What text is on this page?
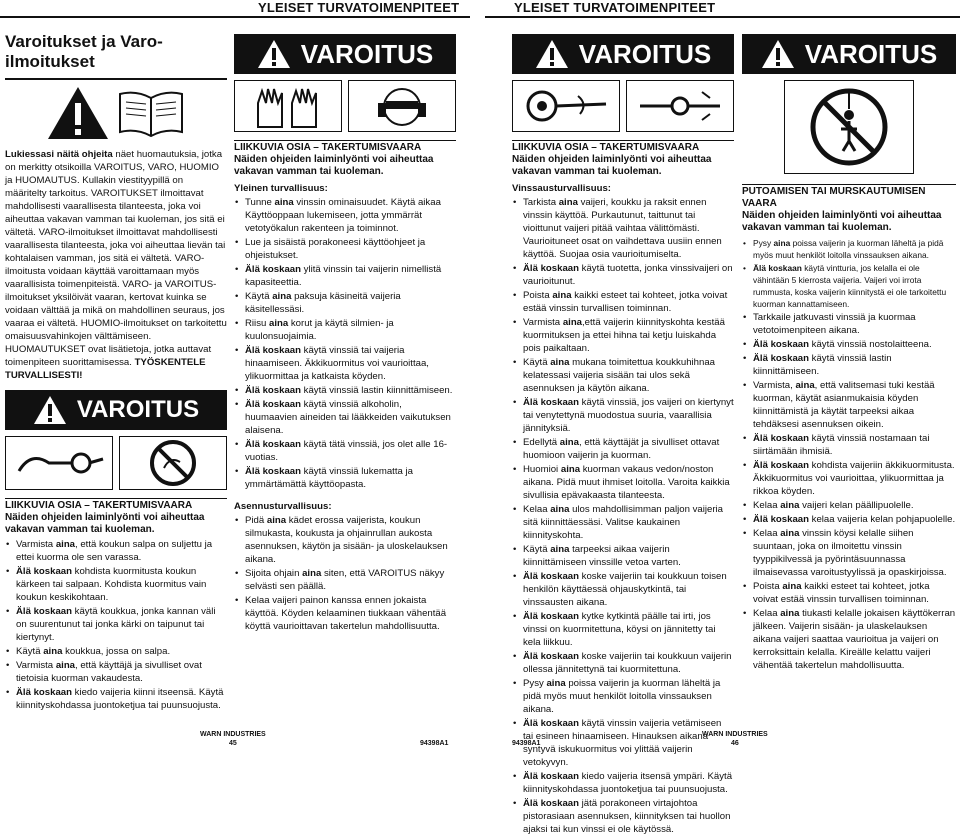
YLEISET TURVATOIMENPITEET	YLEISET TURVATOIMENPITEET
Varoitukset ja Varo-ilmoitukset
Lukiessasi näitä ohjeita näet huomautuksia, jotka on merkitty otsikoilla VAROITUS, VARO, HUOMIO ja HUOMAUTUS. Kullakin viestityypillä on määritelty tarkoitus. VAROITUKSET ilmoittavat mahdollisesti vaarallisesta tilanteesta, joka voi aiheuttaa vakavan vamman tai kuoleman, jos sitä ei vältetä. VARO-ilmoitukset ilmoittavat mahdollisesti vaarallisesta tilanteesta, joka voi aiheuttaa lievän tai kohtalaisen vamman, jos sitä ei vältetä. VARO-ilmoitusta voidaan käyttää varoittamaan myös vaarallisista toimenpiteistä. VARO- ja VAROITUS-ilmoitukset yksilöivät vaaran, kertovat kuinka se voidaan välttää ja mikä on mahdollinen seuraus, jos vaaraa ei vältetä. HUOMIO-ilmoitukset on tarkoitettu omaisuusvahinkojen välttämiseen. HUOMAUTUKSET ovat lisätietoja, jotka auttavat toimenpiteen suorittamisessa. TYÖSKENTELE TURVALLISESTI!
VAROITUS
LIIKKUVIA OSIA – TAKERTUMISVAARA
Näiden ohjeiden laiminlyönti voi aiheuttaa vakavan vamman tai kuoleman.
• Varmista aina, että koukun salpa on suljettu ja ettei kuorma ole sen varassa.
• Älä koskaan kohdista kuormitusta koukun kärkeen tai salpaan. Kohdista kuormitus vain koukun keskikohtaan.
• Älä koskaan käytä koukkua, jonka kannan väli on suurentunut tai jonka kärki on taipunut tai kiertynyt.
• Käytä aina koukkua, jossa on salpa.
• Varmista aina, että käyttäjä ja sivulliset ovat tietoisia kuorman vakaudesta.
• Älä koskaan kiedo vaijeria kiinni itseensä. Käytä kiinnityskohdassa juontoketjua tai puunsuojusta.
VAROITUS
LIIKKUVIA OSIA – TAKERTUMISVAARA
Näiden ohjeiden laiminlyönti voi aiheuttaa vakavan vamman tai kuoleman.
Yleinen turvallisuus:
• Tunne aina vinssin ominaisuudet. Käytä aikaa Käyttöoppaan lukemiseen, jotta ymmärrät vetotyökalun rakenteen ja toiminnot.
• Lue ja sisäistä porakoneesi käyttöohjeet ja ohjeistukset.
• Älä koskaan ylitä vinssin tai vaijerin nimellistä kapasiteettia.
• Käytä aina paksuja käsineitä vaijeria käsitellessäsi.
• Riisu aina korut ja käytä silmien- ja kuulonsuojaimia.
• Älä koskaan käytä vinssiä tai vaijeria hinaamiseen. Äkkikuormitus voi vaurioittaa, ylikuormittaa ja katkaista köyden.
• Älä koskaan käytä vinssiä lastin kiinnittämiseen.
• Älä koskaan käytä vinssiä alkoholin, huumaavien aineiden tai lääkkeiden vaikutuksen alaisena.
• Älä koskaan käytä tätä vinssiä, jos olet alle 16-vuotias.
• Älä koskaan käytä vinssiä lukematta ja ymmärtämättä käyttöopasta.
Asennusturvallisuus:
• Pidä aina kädet erossa vaijerista, koukun silmukasta, koukusta ja ohjainrullan aukosta asennuksen, käytön ja sisään- ja uloskelauksen aikana.
• Sijoita ohjain aina siten, että VAROITUS näkyy selvästi sen päällä.
• Kelaa vaijeri painon kanssa ennen jokaista käyttöä. Köyden kelaaminen tiukkaan vähentää köyttä vaurioittavan takertelun mahdollisuutta.
VAROITUS
LIIKKUVIA OSIA – TAKERTUMISVAARA
Näiden ohjeiden laiminlyönti voi aiheuttaa vakavan vamman tai kuoleman.
Vinssausturvallisuus:
• Tarkista aina vaijeri, koukku ja raksit ennen vinssin käyttöä. Purkautunut, taittunut tai vioittunut vaijeri pitää vaihtaa välittömästi. Vaurioituneet osat on vaihdettava uusiin ennen käyttöä. Suojaa osia vaurioitumiselta.
• Älä koskaan käytä tuotetta, jonka vinssivaijeri on vaurioitunut.
• Poista aina kaikki esteet tai kohteet, jotka voivat estää vinssin turvallisen toiminnan.
• Varmista aina,että vaijerin kiinnityskohta kestää kuormituksen ja ettei hihna tai ketju luiskahda pois paikaltaan.
• Käytä aina mukana toimitettua koukkuhihnaa kelatessasi vaijeria sisään tai ulos sekä asennuksen ja käytön aikana.
• Älä koskaan käytä vinssiä, jos vaijeri on kiertynyt tai venytettynä muodostua suuria, vaarallisia jännityksiä.
• Edellytä aina, että käyttäjät ja sivulliset ottavat huomioon vaijerin ja kuorman.
• Huomioi aina kuorman vakaus vedon/noston aikana. Pidä muut ihmiset loitolla. Varoita kaikkia sivullisia epävakaasta tilanteesta.
• Kelaa aina ulos mahdollisimman paljon vaijeria sitä kiinnittäessäsi. Valitse kaukainen kiinnityskohta.
• Käytä aina tarpeeksi aikaa vaijerin kiinnittämiseen vinssille vetoa varten.
• Älä koskaan koske vaijeriin tai koukkuun toisen henkilön käyttäessä ohjauskytkintä, tai vinssausten aikana.
• Älä koskaan kytke kytkintä päälle tai irti, jos vinssi on kuormitettuna, köysi on jännitetty tai kela liikkuu.
• Älä koskaan koske vaijeriin tai koukkuun vaijerin ollessa jännitettynä tai kuormitettuna.
• Pysy aina poissa vaijerin ja kuorman läheltä ja pidä myös muut henkilöt loitolla vinssauksen aikana.
• Älä koskaan käytä vinssin vaijeria vetämiseen tai esineen hinaamiseen. Hinauksen aikana syntyvä iskukuormitus voi ylittää vaijerin vetokyvyn.
• Älä koskaan kiedo vaijeria itsensä ympäri. Käytä kiinnityskohdassa juontoketjua tai puunsuojusta.
• Älä koskaan jätä porakoneen virtajohtoa pistorasiaan asennuksen, kiinnityksen tai huollon ajaksi tai kun vinssi ei ole käytössä.
VAROITUS
PUTOAMISEN TAI MURSKAUTUMISEN VAARA
Näiden ohjeiden laiminlyönti voi aiheuttaa vakavan vamman tai kuoleman.
• Pysy aina poissa vaijerin ja kuorman läheltä ja pidä myös muut henkilöt loitolla vinssauksen aikana.
• Älä koskaan käytä vintturia, jos kelalla ei ole vähintään 5 kierrosta vaijeria. Vaijeri voi irrota rummusta, koska vaijerin kiinnitystä ei ole tarkoitettu kuorman kannattamiseen.
• Tarkkaile jatkuvasti vinssiä ja kuormaa vetotoimenpiteen aikana.
• Älä koskaan käytä vinssiä nostolaitteena.
• Älä koskaan käytä vinssiä lastin kiinnittämiseen.
• Varmista, aina, että valitsemasi tuki kestää kuorman, käytät asianmukaisia köyden kiinnittämistä ja käytät tarpeeksi aikaa tehdäksesi asennuksen oikein.
• Älä koskaan käytä vinssiä nostamaan tai siirtämään ihmisiä.
• Älä koskaan kohdista vaijeriin äkkikuormitusta. Äkkikuormitus voi vaurioittaa, ylikuormittaa ja rikkoa köyden.
• Kelaa aina vaijeri kelan päällipuolelle.
• Älä koskaan kelaa vaijeria kelan pohjapuolelle.
• Kelaa aina vinssin köysi kelalle siihen suuntaan, joka on ilmoitettu vinssin tyyppikilvessä ja pyörintäsuunnassa ilmaisevassa varoitustyylissä ja opaskirjoissa.
• Poista aina kaikki esteet tai kohteet, jotka voivat estää vinssin turvallisen toiminnan.
• Kelaa aina tiukasti kelalle jokaisen käyttökerran jälkeen. Vaijerin sisään- ja ulaskelauksen aikana vaijeri saattaa vaurioitua ja vaijeri on kerroksittain kelalla. Kireälle kelattu vaijeri vähentää takertelun mahdollisuutta.
WARN INDUSTRIES
45	94398A1	94398A1
WARN INDUSTRIES
46
